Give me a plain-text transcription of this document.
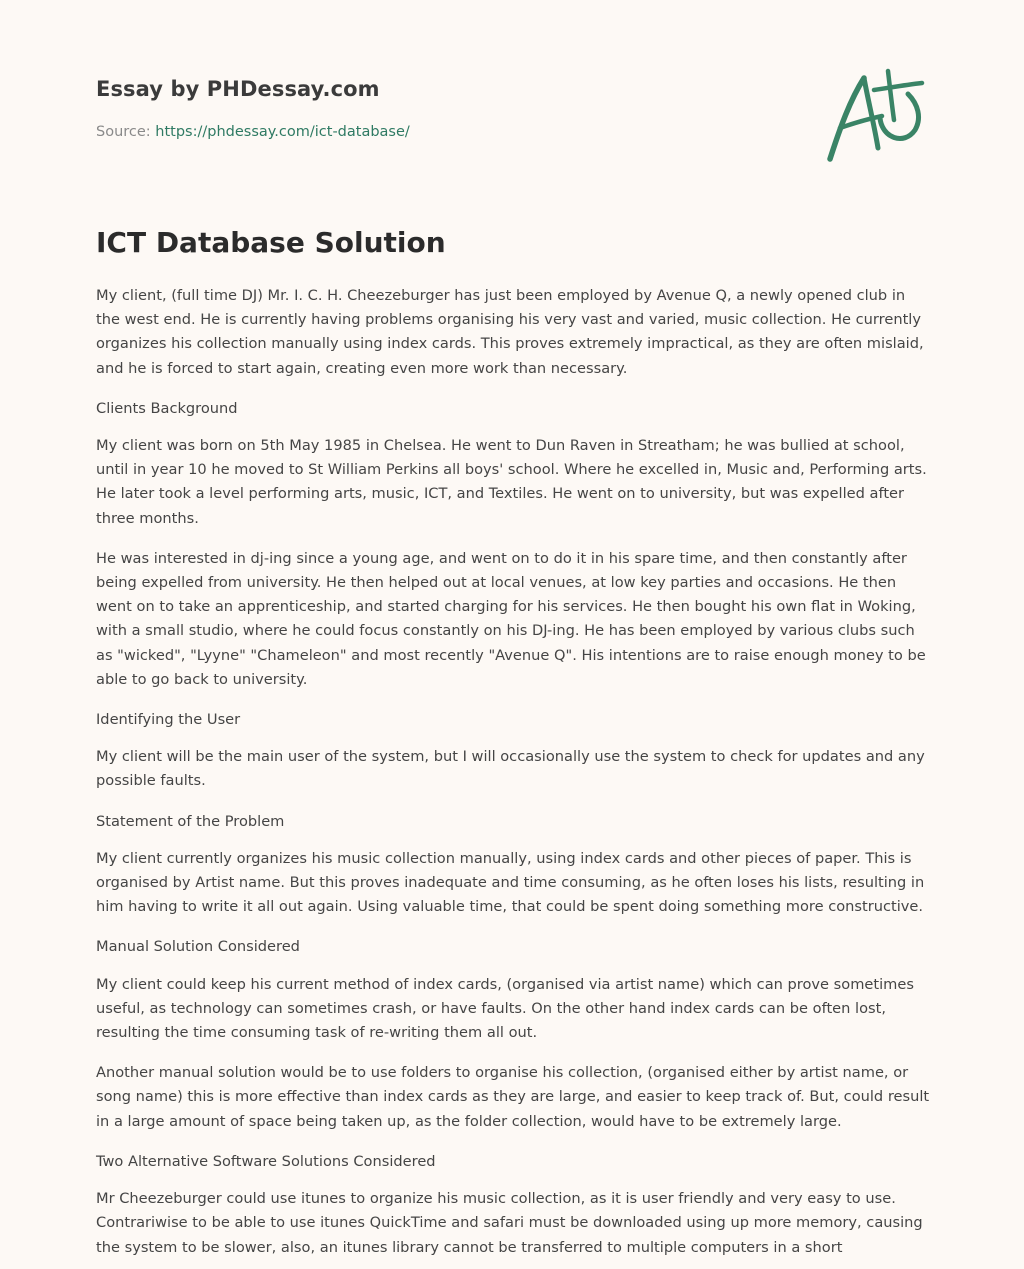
Essay by PHDessay.com
Source: https://phdessay.com/ict-database/
ICT Database Solution

My client, (full time DJ) Mr. I. C. H. Cheezeburger has just been employed by Avenue Q, a newly opened club in the west end. He is currently having problems organising his very vast and varied, music collection. He currently organizes his collection manually using index cards. This proves extremely impractical, as they are often mislaid, and he is forced to start again, creating even more work than necessary.

Clients Background

My client was born on 5th May 1985 in Chelsea. He went to Dun Raven in Streatham; he was bullied at school, until in year 10 he moved to St William Perkins all boys' school. Where he excelled in, Music and, Performing arts. He later took a level performing arts, music, ICT, and Textiles. He went on to university, but was expelled after three months.

He was interested in dj-ing since a young age, and went on to do it in his spare time, and then constantly after being expelled from university. He then helped out at local venues, at low key parties and occasions. He then went on to take an apprenticeship, and started charging for his services. He then bought his own flat in Woking, with a small studio, where he could focus constantly on his DJ-ing. He has been employed by various clubs such as "wicked", "Lyyne" "Chameleon" and most recently "Avenue Q". His intentions are to raise enough money to be able to go back to university.

Identifying the User

My client will be the main user of the system, but I will occasionally use the system to check for updates and any possible faults.

Statement of the Problem

My client currently organizes his music collection manually, using index cards and other pieces of paper. This is organised by Artist name. But this proves inadequate and time consuming, as he often loses his lists, resulting in him having to write it all out again. Using valuable time, that could be spent doing something more constructive.

Manual Solution Considered

My client could keep his current method of index cards, (organised via artist name) which can prove sometimes useful, as technology can sometimes crash, or have faults. On the other hand index cards can be often lost, resulting the time consuming task of re-writing them all out.

Another manual solution would be to use folders to organise his collection, (organised either by artist name, or song name) this is more effective than index cards as they are large, and easier to keep track of. But, could result in a large amount of space being taken up, as the folder collection, would have to be extremely large.

Two Alternative Software Solutions Considered

Mr Cheezeburger could use itunes to organize his music collection, as it is user friendly and very easy to use. Contrariwise to be able to use itunes QuickTime and safari must be downloaded using up more memory, causing the system to be slower, also, an itunes library cannot be transferred to multiple computers in a short
